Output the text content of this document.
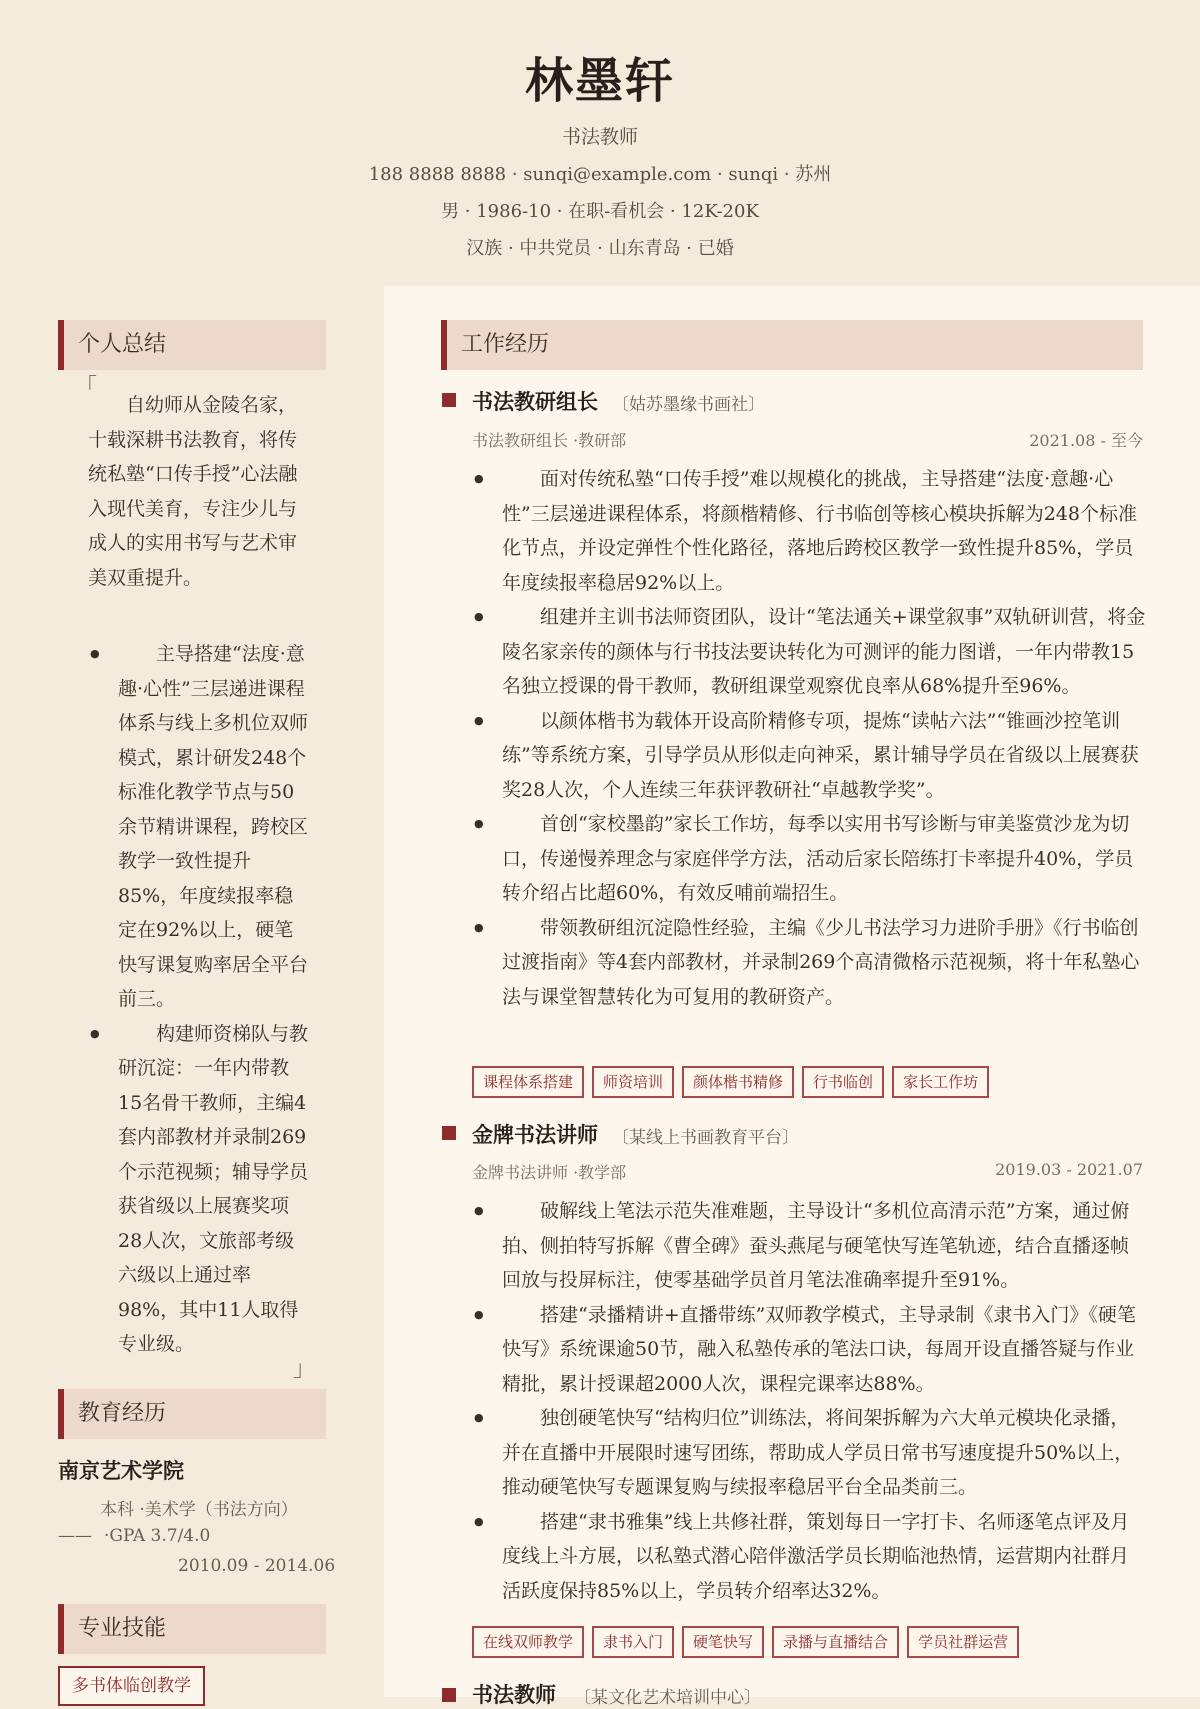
林墨轩
书法教师
188 8888 8888 · sunqi@example.com · sunqi · 苏州
男 · 1986-10 · 在职-看机会 · 12K-20K
汉族 · 中共党员 · 山东青岛 · 已婚
个人总结
「
自幼师从金陵名家，十载深耕书法教育，将传统私塾“口传手授”心法融入现代美育，专注少儿与成人的实用书写与艺术审美双重提升。
● 主导搭建“法度·意趣·心性”三层递进课程体系与线上多机位双师模式，累计研发248个标准化教学节点与50余节精讲课程，跨校区教学一致性提升85%，年度续报率稳定在92%以上，硬笔快写课复购率居全平台前三。
● 构建师资梯队与教研沉淀：一年内带教15名骨干教师，主编4套内部教材并录制269个示范视频；辅导学员获省级以上展赛奖项28人次，文旅部考级六级以上通过率98%，其中11人取得专业级。
」
教育经历
南京艺术学院
本科 ·美术学（书法方向）
—— ·GPA 3.7/4.0
2010.09 - 2014.06
专业技能
多书体临创教学
工作经历
书法教研组长 〔姑苏墨缘书画社〕
书法教研组长 ·教研部	2021.08 - 至今
● 面对传统私塾“口传手授”难以规模化的挑战，主导搭建“法度·意趣·心性”三层递进课程体系，将颜楷精修、行书临创等核心模块拆解为248个标准化节点，并设定弹性个性化路径，落地后跨校区教学一致性提升85%，学员年度续报率稳居92%以上。
● 组建并主训书法师资团队，设计“笔法通关+课堂叙事”双轨研训营，将金陵名家亲传的颜体与行书技法要诀转化为可测评的能力图谱，一年内带教15名独立授课的骨干教师，教研组课堂观察优良率从68%提升至96%。
● 以颜体楷书为载体开设高阶精修专项，提炼“读帖六法”“锥画沙控笔训练”等系统方案，引导学员从形似走向神采，累计辅导学员在省级以上展赛获奖28人次，个人连续三年获评教研社“卓越教学奖”。
● 首创“家校墨韵”家长工作坊，每季以实用书写诊断与审美鉴赏沙龙为切口，传递慢养理念与家庭伴学方法，活动后家长陪练打卡率提升40%，学员转介绍占比超60%，有效反哺前端招生。
● 带领教研组沉淀隐性经验，主编《少儿书法学习力进阶手册》《行书临创过渡指南》等4套内部教材，并录制269个高清微格示范视频，将十年私塾心法与课堂智慧转化为可复用的教研资产。
课程体系搭建	师资培训	颜体楷书精修	行书临创	家长工作坊
金牌书法讲师 〔某线上书画教育平台〕
金牌书法讲师 ·教学部	2019.03 - 2021.07
● 破解线上笔法示范失准难题，主导设计“多机位高清示范”方案，通过俯拍、侧拍特写拆解《曹全碑》蚕头燕尾与硬笔快写连笔轨迹，结合直播逐帧回放与投屏标注，使零基础学员首月笔法准确率提升至91%。
● 搭建“录播精讲+直播带练”双师教学模式，主导录制《隶书入门》《硬笔快写》系统课逾50节，融入私塾传承的笔法口诀，每周开设直播答疑与作业精批，累计授课超2000人次，课程完课率达88%。
● 独创硬笔快写“结构归位”训练法，将间架拆解为六大单元模块化录播，并在直播中开展限时速写团练，帮助成人学员日常书写速度提升50%以上，推动硬笔快写专题课复购与续报率稳居平台全品类前三。
● 搭建“隶书雅集”线上共修社群，策划每日一字打卡、名师逐笔点评及月度线上斗方展，以私塾式潜心陪伴激活学员长期临池热情，运营期内社群月活跃度保持85%以上，学员转介绍率达32%。
在线双师教学	隶书入门	硬笔快写	录播与直播结合	学员社群运营
书法教师 〔某文化艺术培训中心〕
